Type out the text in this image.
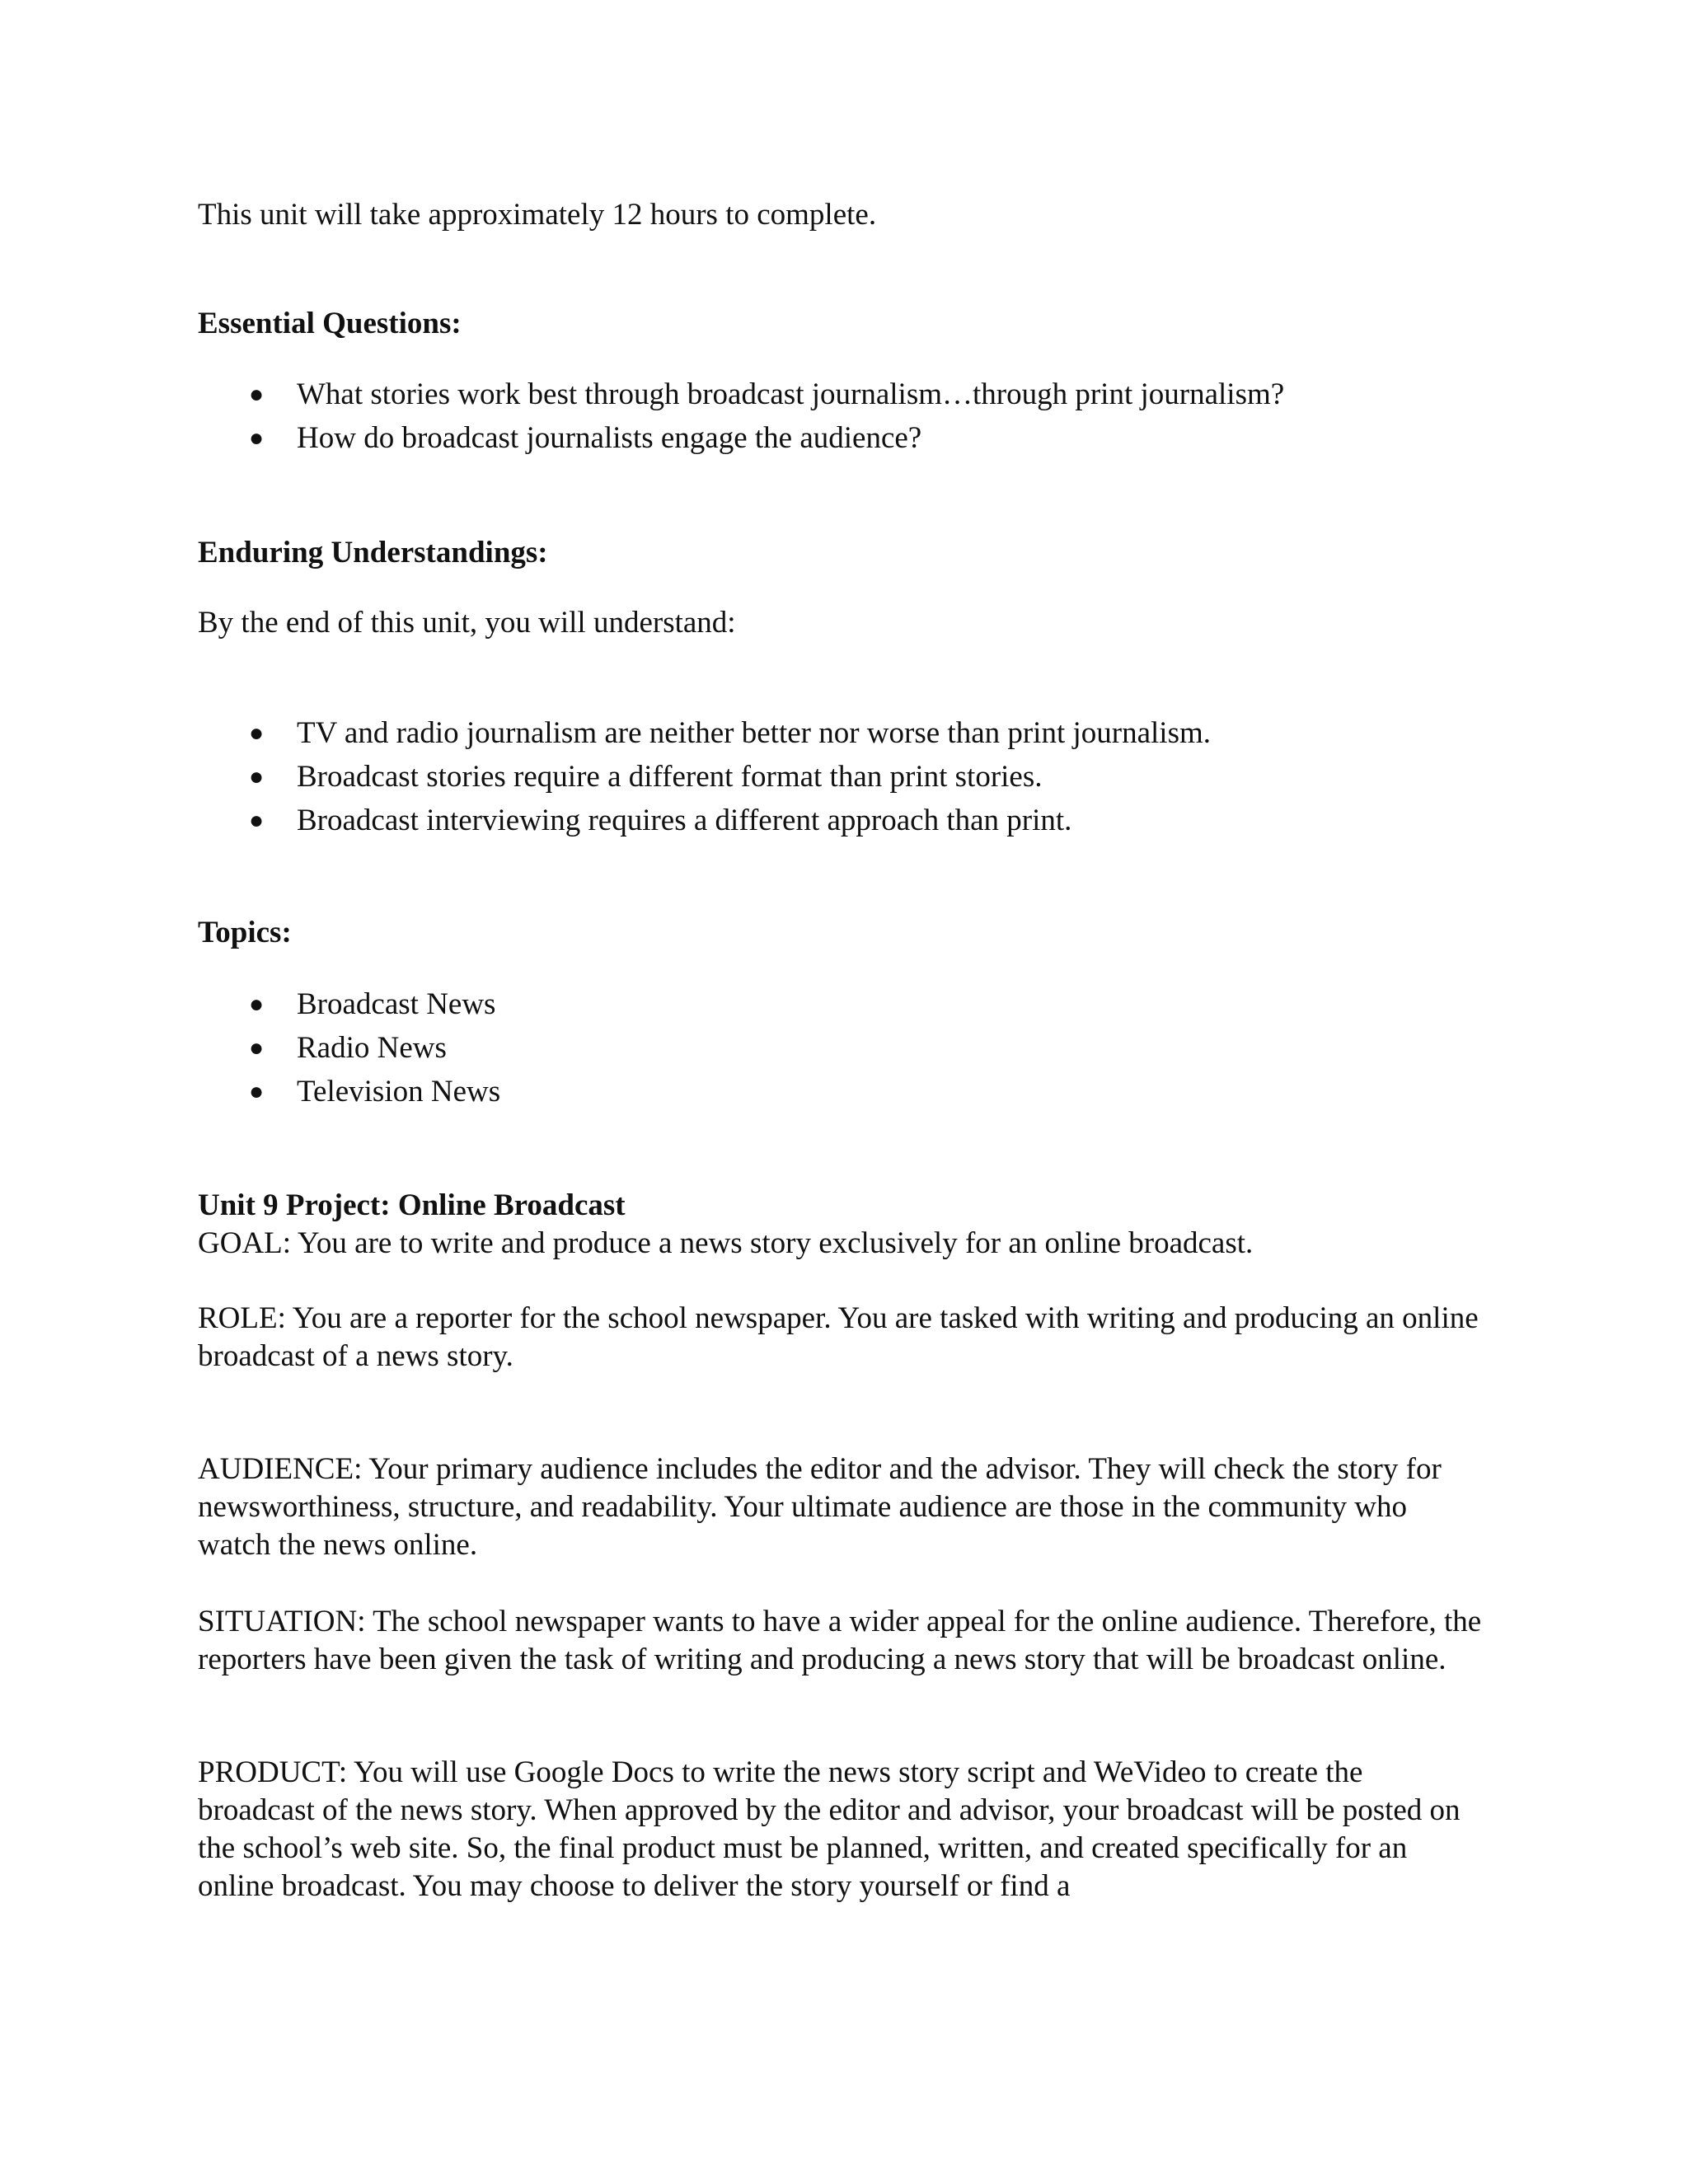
This unit will take approximately 12 hours to complete.

Essential Questions:

● What stories work best through broadcast journalism…through print journalism?
● How do broadcast journalists engage the audience?

Enduring Understandings:

By the end of this unit, you will understand:

● TV and radio journalism are neither better nor worse than print journalism.
● Broadcast stories require a different format than print stories.
● Broadcast interviewing requires a different approach than print.

Topics:

● Broadcast News
● Radio News
● Television News
Unit 9 Project: Online Broadcast

GOAL: You are to write and produce a news story exclusively for an online broadcast.

ROLE: You are a reporter for the school newspaper. You are tasked with writing and producing an online broadcast of a news story.

AUDIENCE: Your primary audience includes the editor and the advisor. They will check the story for newsworthiness, structure, and readability. Your ultimate audience are those in the community who watch the news online.

SITUATION: The school newspaper wants to have a wider appeal for the online audience. Therefore, the reporters have been given the task of writing and producing a news story that will be broadcast online.

PRODUCT: You will use Google Docs to write the news story script and WeVideo to create the broadcast of the news story. When approved by the editor and advisor, your broadcast will be posted on the school’s web site. So, the final product must be planned, written, and created specifically for an online broadcast. You may choose to deliver the story yourself or find a
